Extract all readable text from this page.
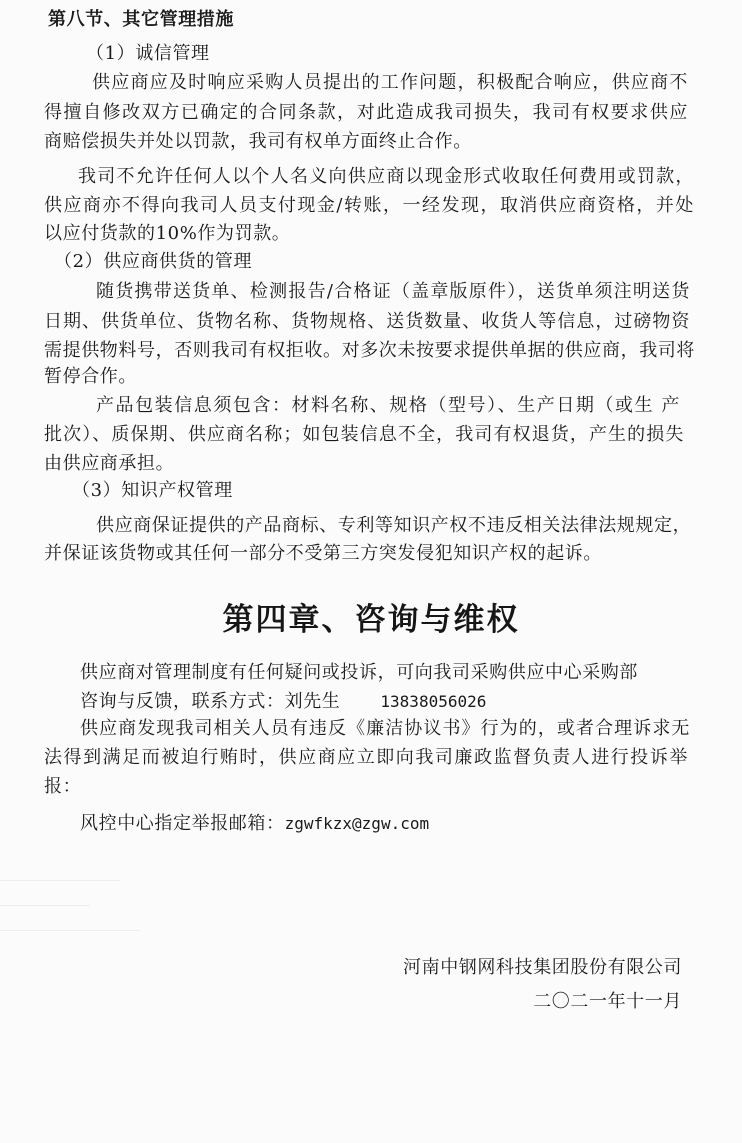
第八节、其它管理措施
（1）诚信管理
供应商应及时响应采购人员提出的工作问题，积极配合响应，供应商不
得擅自修改双方已确定的合同条款，对此造成我司损失，我司有权要求供应
商赔偿损失并处以罚款，我司有权单方面终止合作。
我司不允许任何人以个人名义向供应商以现金形式收取任何费用或罚款，
供应商亦不得向我司人员支付现金/转账，一经发现，取消供应商资格，并处
以应付货款的10%作为罚款。
（2）供应商供货的管理
随货携带送货单、检测报告/合格证（盖章版原件），送货单须注明送货
日期、供货单位、货物名称、货物规格、送货数量、收货人等信息，过磅物资
需提供物料号，否则我司有权拒收。对多次未按要求提供单据的供应商，我司将
暂停合作。
产品包装信息须包含：材料名称、规格（型号）、生产日期（或生 产
批次）、质保期、供应商名称；如包装信息不全，我司有权退货，产生的损失
由供应商承担。
（3）知识产权管理
供应商保证提供的产品商标、专利等知识产权不违反相关法律法规规定，
并保证该货物或其任何一部分不受第三方突发侵犯知识产权的起诉。
第四章、咨询与维权
供应商对管理制度有任何疑问或投诉，可向我司采购供应中心采购部
咨询与反馈，联系方式：刘先生	13838056026
供应商发现我司相关人员有违反《廉洁协议书》行为的，或者合理诉求无
法得到满足而被迫行贿时，供应商应立即向我司廉政监督负责人进行投诉举
报：
风控中心指定举报邮箱：zgwfkzx@zgw.com
河南中钢网科技集团股份有限公司
二〇二一年十一月
